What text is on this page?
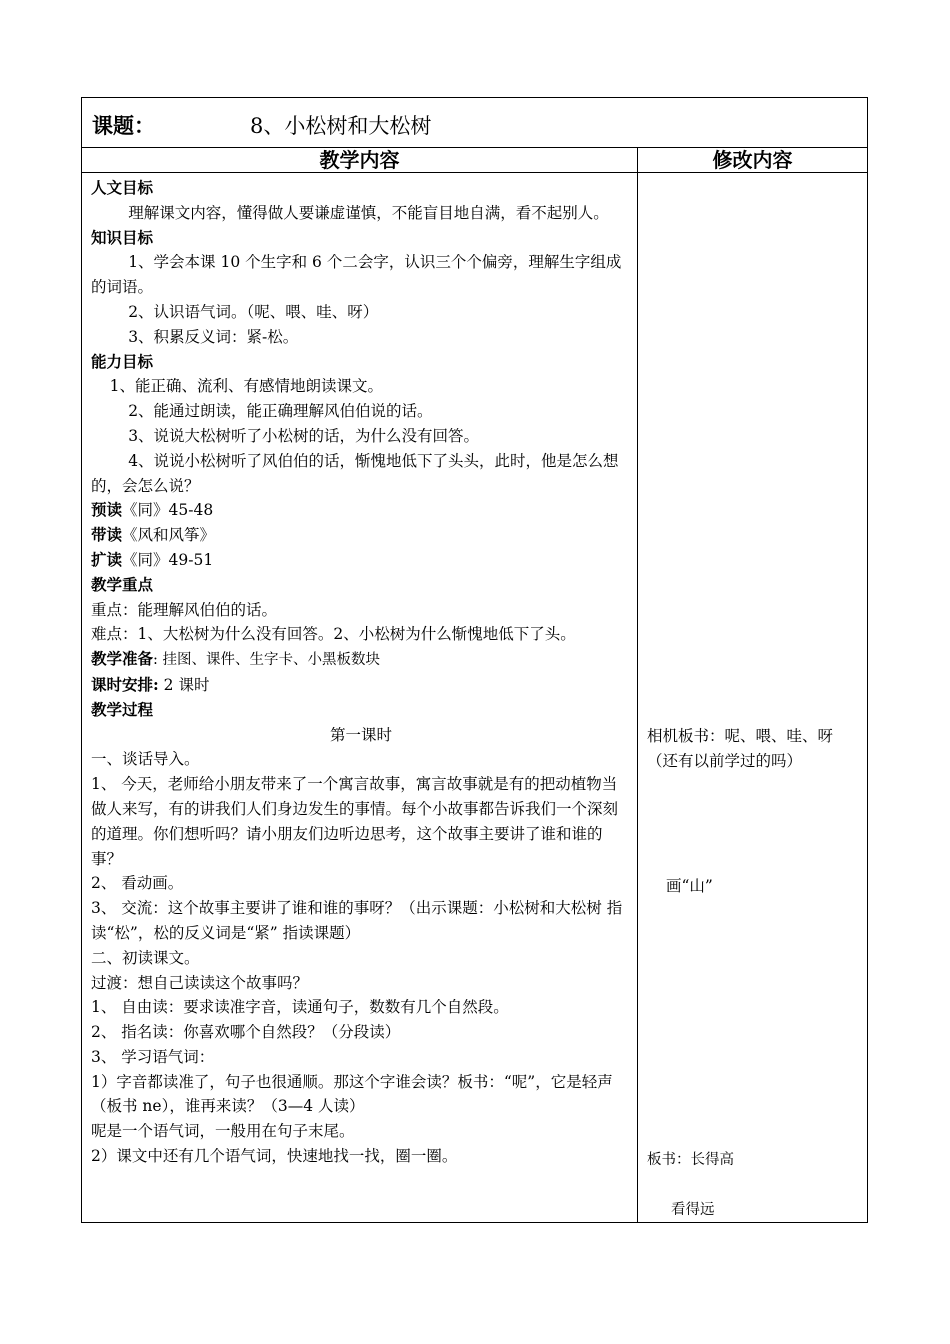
课题：	8、小松树和大松树
教学内容	修改内容

人文目标

理解课文内容，懂得做人要谦虚谨慎，不能盲目地自满，看不起别人。

知识目标

1、学会本课 10 个生字和 6 个二会字，认识三个个偏旁，理解生字组成的词语。

2、认识语气词。（呢、喂、哇、呀）

3、积累反义词：紧-松。

能力目标

1、能正确、流利、有感情地朗读课文。

2、能通过朗读，能正确理解风伯伯说的话。

3、说说大松树听了小松树的话，为什么没有回答。

4、说说小松树听了风伯伯的话，惭愧地低下了头头，此时，他是怎么想的，会怎么说？

预读《同》45-48

带读《风和风筝》

扩读《同》49-51

教学重点

重点：能理解风伯伯的话。

难点：1、大松树为什么没有回答。2、小松树为什么惭愧地低下了头。

教学准备: 挂图、课件、生字卡、小黑板数块

课时安排: 2 课时

教学过程

第一课时

一、谈话导入。

1、 今天，老师给小朋友带来了一个寓言故事，寓言故事就是有的把动植物当做人来写，有的讲我们人们身边发生的事情。每个小故事都告诉我们一个深刻的道理。你们想听吗？请小朋友们边听边思考，这个故事主要讲了谁和谁的事？

2、 看动画。

3、 交流：这个故事主要讲了谁和谁的事呀？（出示课题：小松树和大松树 指读“松”，松的反义词是“紧” 指读课题）

二、初读课文。

过渡：想自己读读这个故事吗？

1、 自由读：要求读准字音，读通句子，数数有几个自然段。

2、 指名读：你喜欢哪个自然段？（分段读）

3、 学习语气词：

1）字音都读准了，句子也很通顺。那这个字谁会读？板书：“呢”，它是轻声（板书 ne），谁再来读？（3—4 人读）

呢是一个语气词，一般用在句子末尾。

2）课文中还有几个语气词，快速地找一找，圈一圈。

相机板书：呢、喂、哇、呀
（还有以前学过的吗）
画“山”
板书：长得高
看得远
